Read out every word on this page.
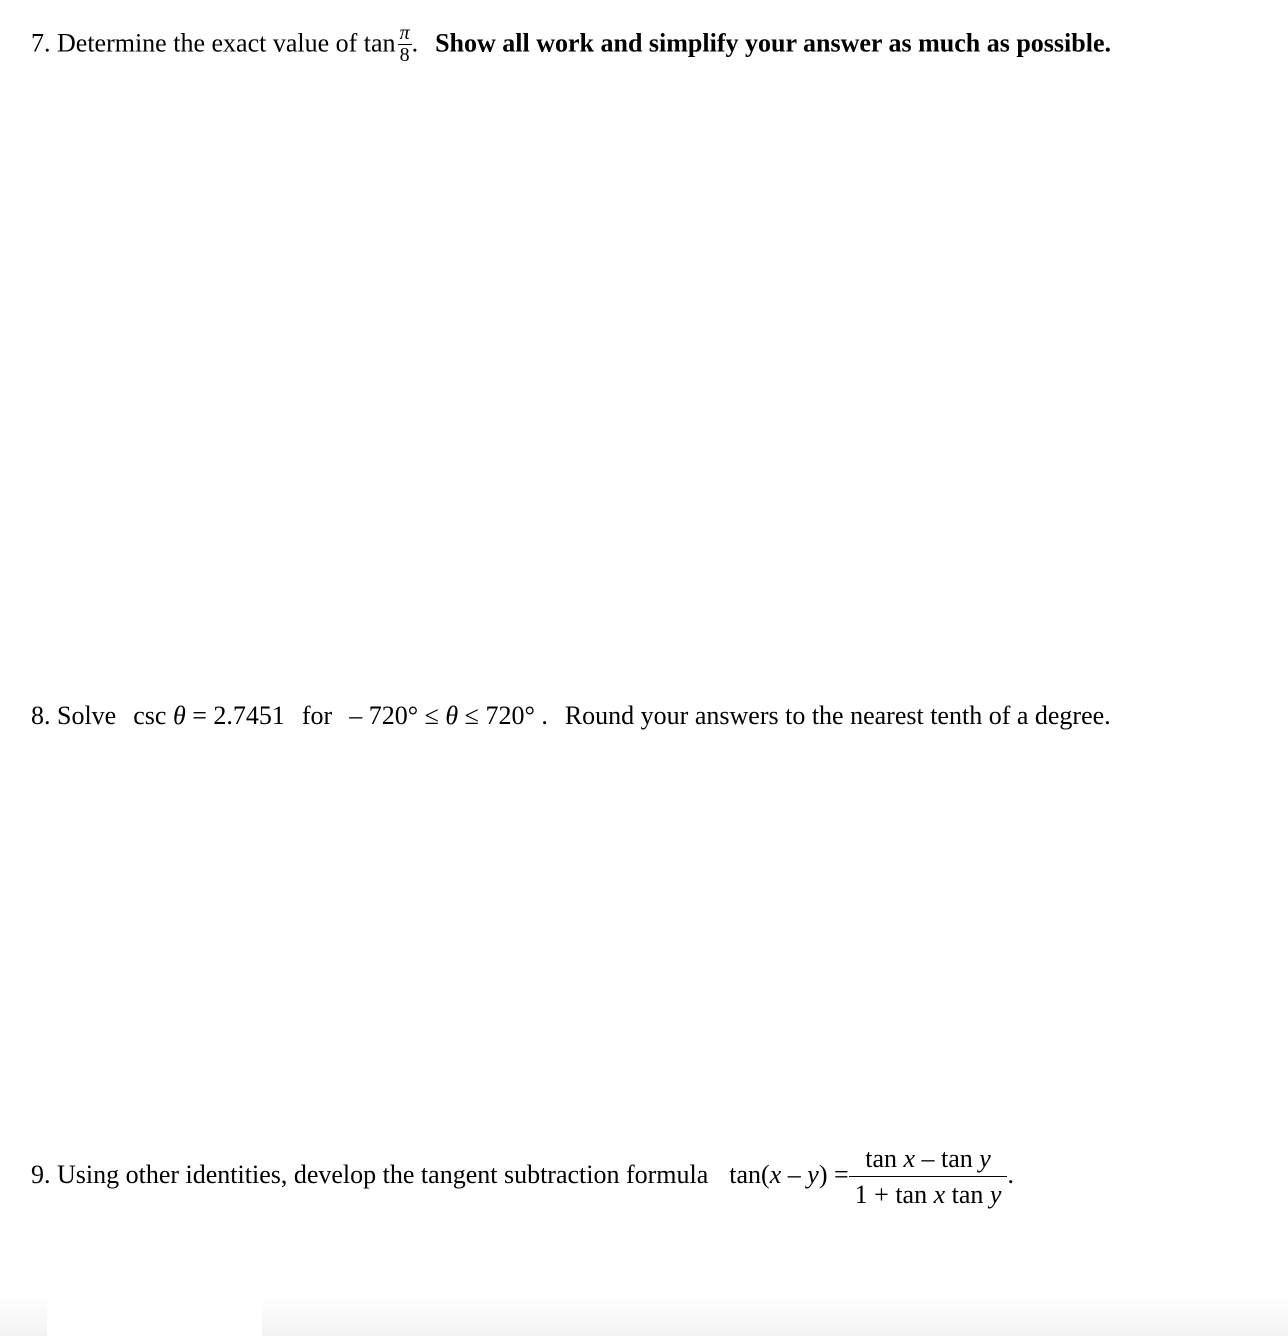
7. Determine the exact value of $\tan \frac{\pi}{8}$ . Show all work and simplify your answer as much as possible.
8. Solve csc θ = 2.7451 for – 720° ≤ θ ≤ 720° . Round your answers to the nearest tenth of a degree.
9. Using other identities, develop the tangent subtraction formula $\tan(x - y) = \frac{\text{tan x – tan y}}{\text{1 + tan x tan y}}$ .
